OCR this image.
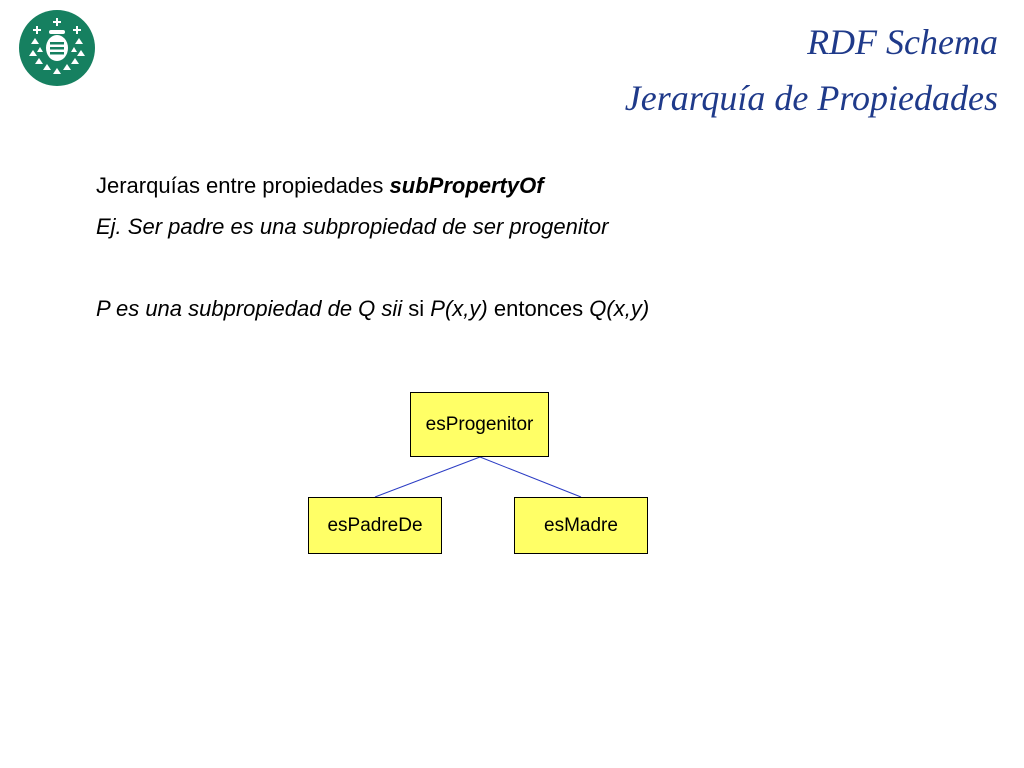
RDF Schema
Jerarquía de Propiedades
Jerarquías entre propiedades subPropertyOf
Ej. Ser padre es una subpropiedad de ser progenitor
P es una subpropiedad de Q sii si P(x,y) entonces Q(x,y)
esProgenitor
esPadreDe	esMadre
